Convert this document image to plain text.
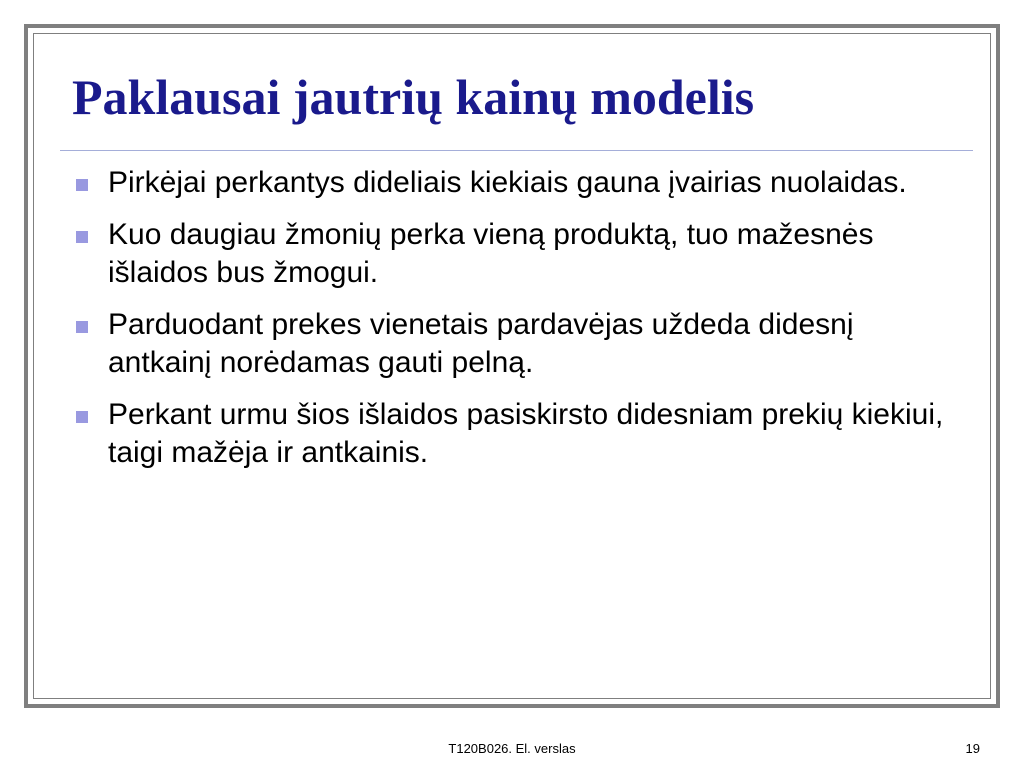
Paklausai jautrių kainų modelis
Pirkėjai perkantys dideliais kiekiais gauna įvairias nuolaidas.
Kuo daugiau žmonių perka vieną produktą, tuo mažesnės išlaidos bus žmogui.
Parduodant prekes vienetais pardavėjas uždeda didesnį antkainį norėdamas gauti pelną.
Perkant urmu šios išlaidos pasiskirsto didesniam prekių kiekiui, taigi mažėja ir antkainis.
T120B026. El. verslas	19
